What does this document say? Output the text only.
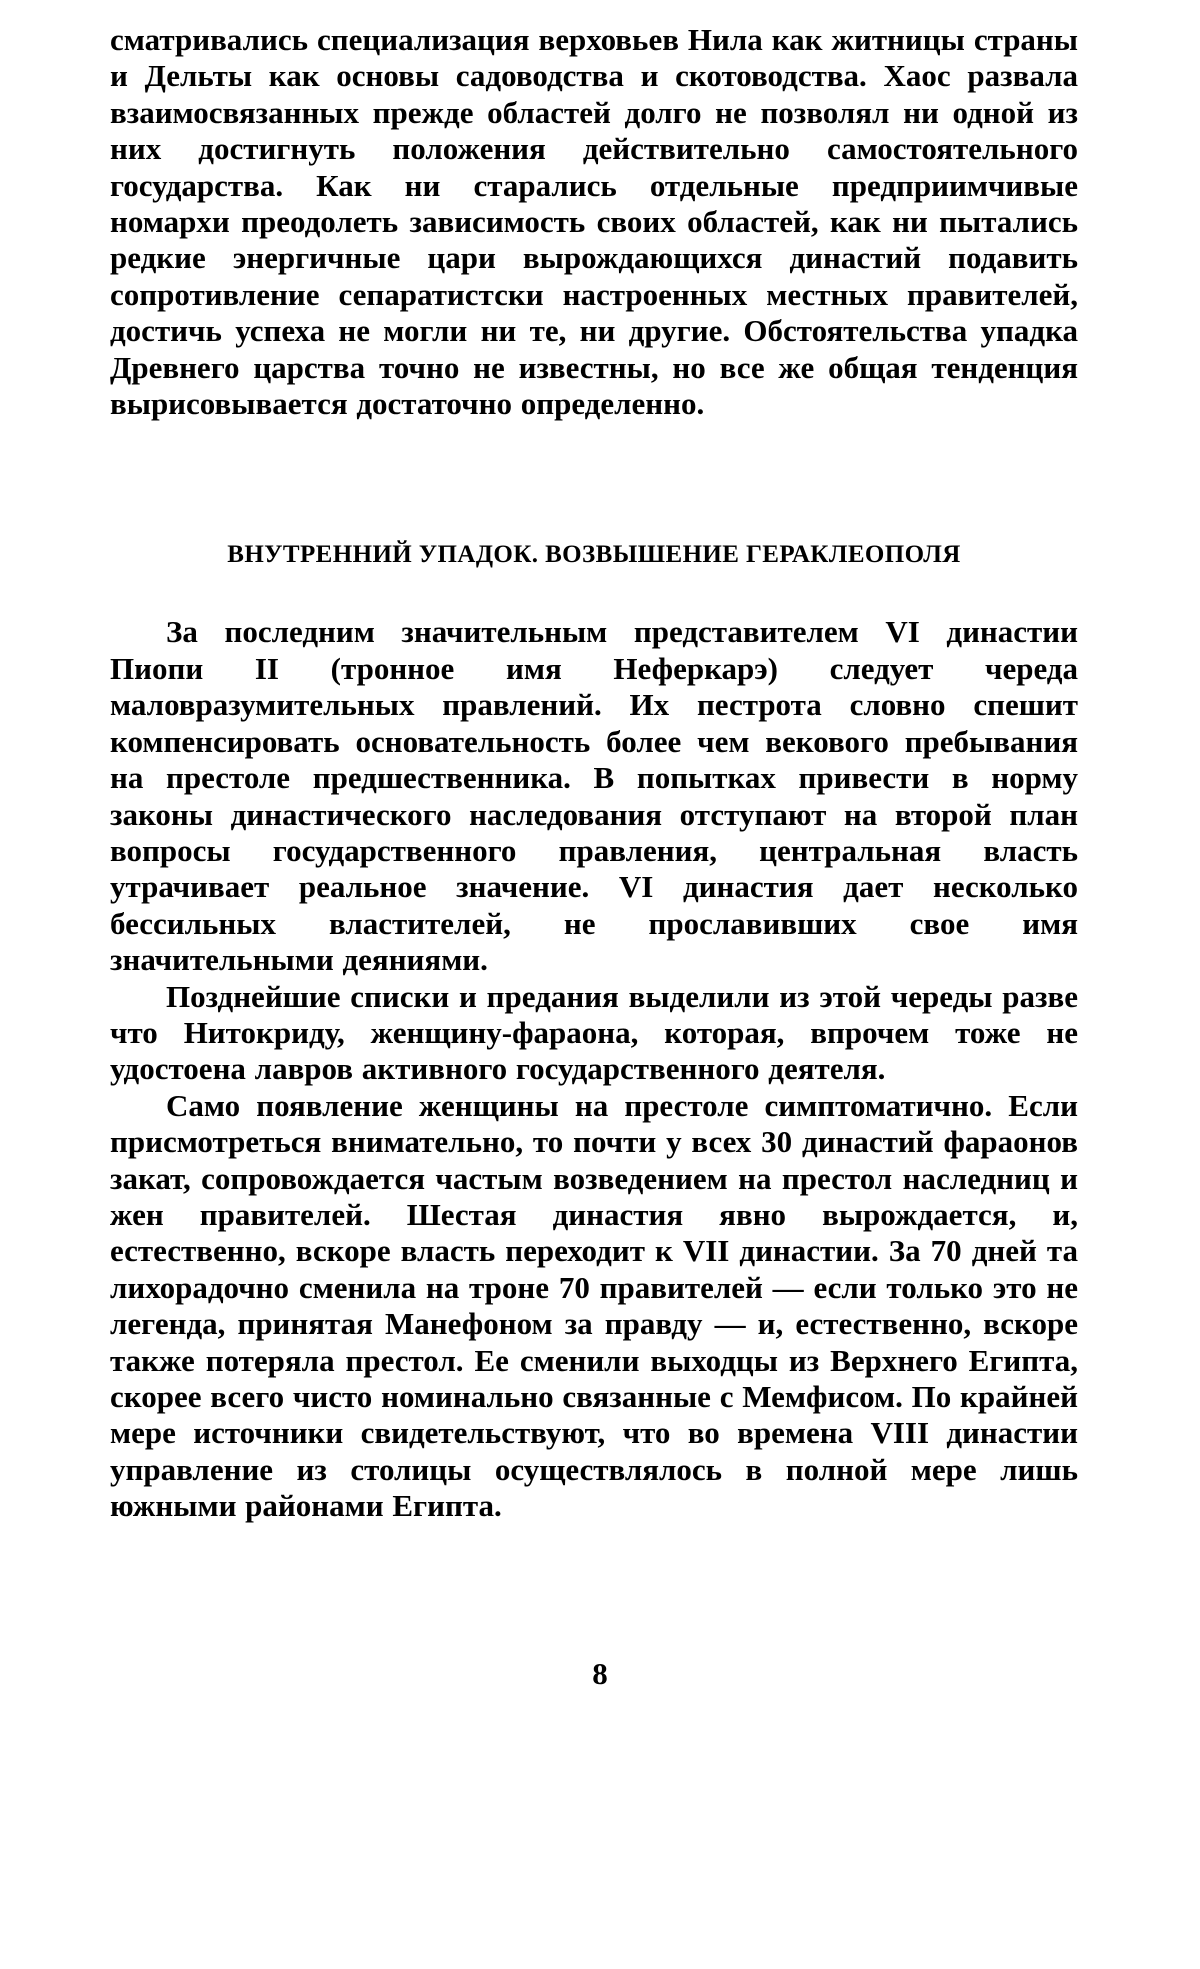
сматривались специализация верховьев Нила как житницы страны и Дельты как основы садоводства и скотоводства. Хаос развала взаимосвязанных прежде областей долго не позволял ни одной из них достигнуть положения действительно самостоятельного государства. Как ни старались отдельные предприимчивые номархи преодолеть зависимость своих областей, как ни пытались редкие энергичные цари вырождающихся династий подавить сопротивление сепаратистски настроенных местных правителей, достичь успеха не могли ни те, ни другие. Обстоятельства упадка Древнего царства точно не известны, но все же общая тенденция вырисовывается достаточно определенно.

ВНУТРЕННИЙ УПАДОК. ВОЗВЫШЕНИЕ ГЕРАКЛЕОПОЛЯ

За последним значительным представителем VI династии Пиопи II (тронное имя Неферкарэ) следует череда маловразумительных правлений. Их пестрота словно спешит компенсировать основательность более чем векового пребывания на престоле предшественника. В попытках привести в норму законы династического наследования отступают на второй план вопросы государственного правления, центральная власть утрачивает реальное значение. VI династия дает несколько бессильных властителей, не прославивших свое имя значительными деяниями.

Позднейшие списки и предания выделили из этой череды разве что Нитокриду, женщину-фараона, которая, впрочем тоже не удостоена лавров активного государственного деятеля.

Само появление женщины на престоле симптоматично. Если присмотреться внимательно, то почти у всех 30 династий фараонов закат, сопровождается частым возведением на престол наследниц и жен правителей. Шестая династия явно вырождается, и, естественно, вскоре власть переходит к VII династии. За 70 дней та лихорадочно сменила на троне 70 правителей — если только это не легенда, принятая Манефоном за правду — и, естественно, вскоре также потеряла престол. Ее сменили выходцы из Верхнего Египта, скорее всего чисто номинально связанные с Мемфисом. По крайней мере источники свидетельствуют, что во времена VIII династии управление из столицы осуществлялось в полной мере лишь южными районами Египта.

8
